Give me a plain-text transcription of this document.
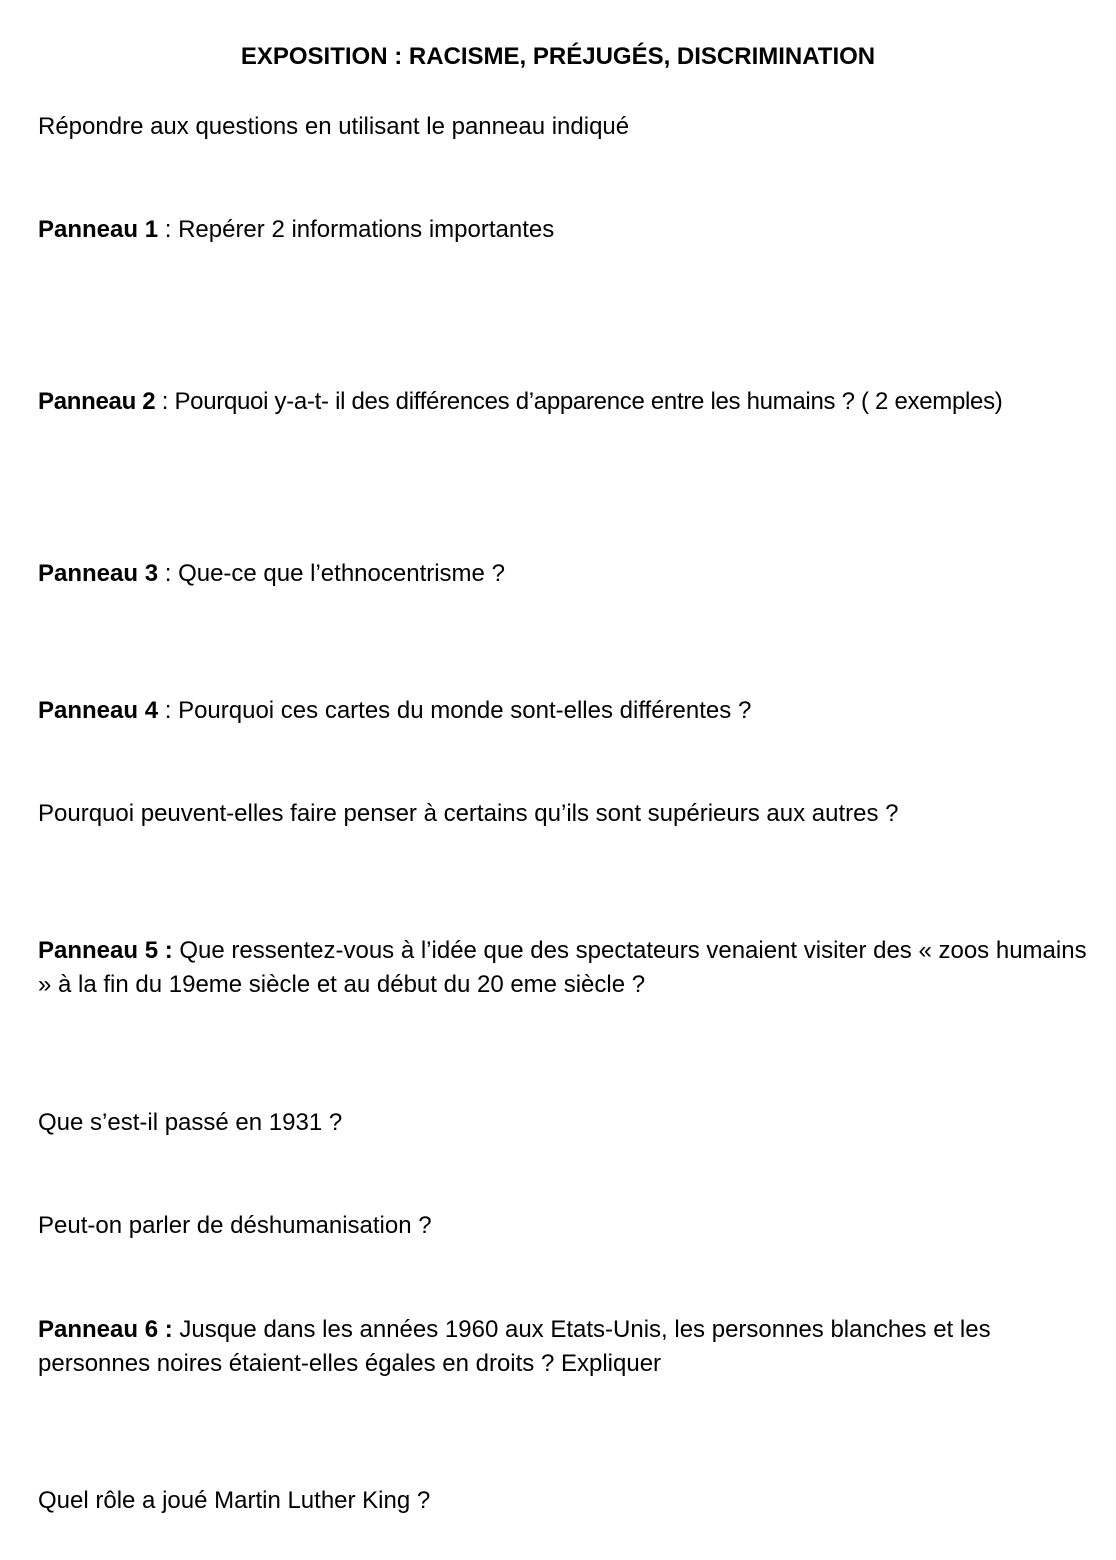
EXPOSITION : RACISME, PRÉJUGÉS, DISCRIMINATION
Répondre aux questions en utilisant le panneau indiqué
Panneau 1 : Repérer 2 informations importantes
Panneau 2 : Pourquoi y-a-t- il des différences d’apparence entre les humains ? ( 2 exemples)
Panneau 3 : Que-ce que l’ethnocentrisme ?
Panneau 4 : Pourquoi ces cartes du monde sont-elles différentes ?
Pourquoi peuvent-elles faire penser à certains qu’ils sont supérieurs aux autres ?
Panneau 5 : Que ressentez-vous à l’idée que des spectateurs venaient visiter des « zoos humains » à la fin du 19eme siècle et au début du 20 eme siècle ?
Que s’est-il passé en 1931 ?
Peut-on parler de déshumanisation ?
Panneau 6 : Jusque dans les années 1960 aux Etats-Unis, les personnes blanches et les personnes noires étaient-elles égales en droits ? Expliquer
Quel rôle a joué Martin Luther King ?
